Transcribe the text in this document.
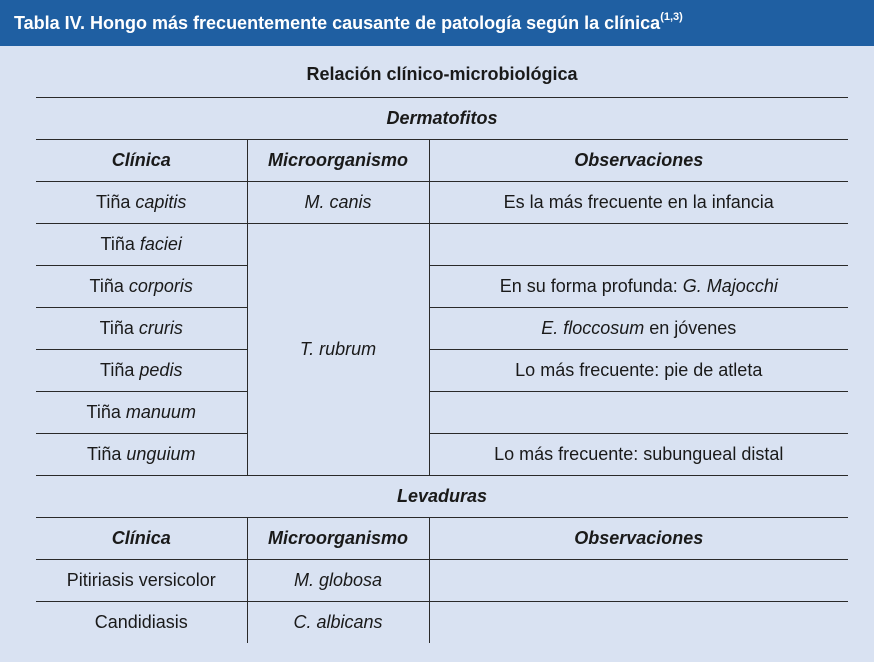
Tabla IV. Hongo más frecuentemente causante de patología según la clínica$^{(1,3)}$
Relación clínico-microbiológica		
Dermatofitos		
Clínica	Microorganismo	Observaciones
Tiña capitis	M. canis	Es la más frecuente en la infancia
Tiña faciei	T. rubrum	
Tiña corporis		En su forma profunda: G. Majocchi
Tiña cruris		E. floccosum en jóvenes
Tiña pedis		Lo más frecuente: pie de atleta
Tiña manuum		
Tiña unguium		Lo más frecuente: subungueal distal
Levaduras		
Clínica	Microorganismo	Observaciones
Pitiriasis versicolor	M. globosa	
Candidiasis	C. albicans	
